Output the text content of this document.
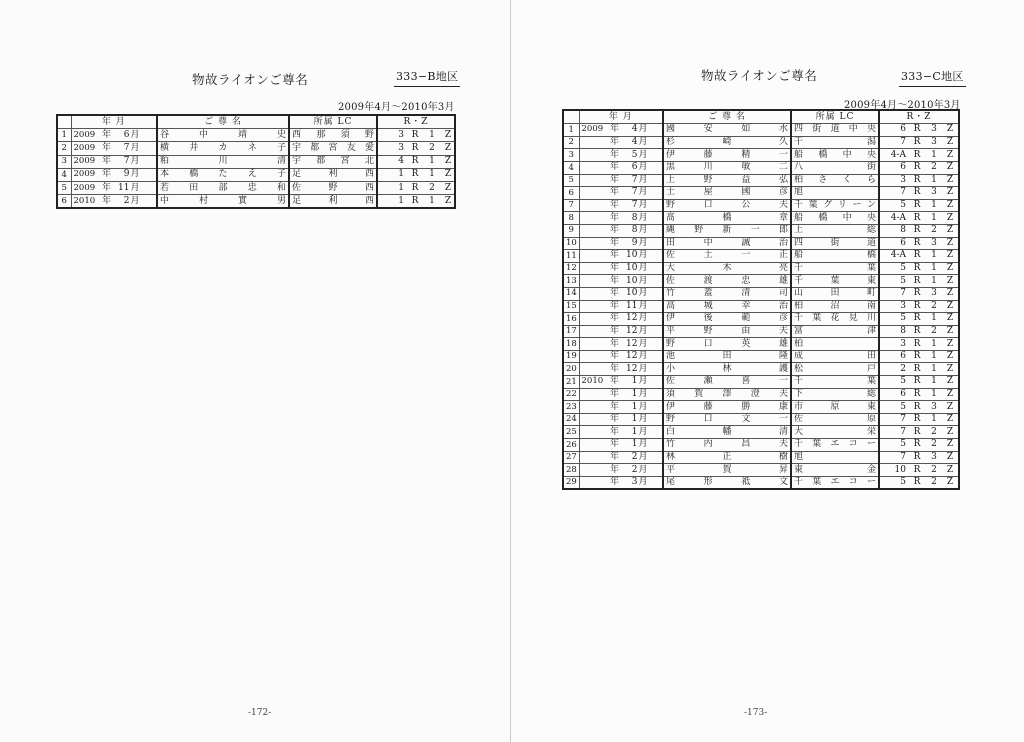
物故ライオンご尊名	333−B地区
2009年4月〜2010年3月
	年 月	ご 尊 名	所属 LC	R・Z
1	2009 年 6月	谷 中 靖 史	西 那 須 野	3 R 1 Z
2	2009 年 7月	横 井 カ ネ 子	宇都宮友愛	3 R 2 Z
3	2009 年 7月	粕 川 清	宇 都 宮 北	4 R 1 Z
4	2009 年 9月	本 橋 た え 子	足 利 西	1 R 1 Z
5	2009 年 11月	若 田 部 忠 和	佐 野 西	1 R 2 Z
6	2010 年 2月	中 村 實 男	足 利 西	1 R 1 Z
-172-
物故ライオンご尊名	333−C地区
2009年4月〜2010年3月
	年 月	ご 尊 名	所属 LC	R・Z
1	2009 年 4月	國 安 如 水	四 街 道 中 央	6 R 3 Z
2	年 4月	杉 崎 久	干 潟	7 R 3 Z
3	年 5月	伊 藤 精 一	船 橋 中 央	4-A R 1 Z
4	年 6月	黒 川 敏 二	八 街	6 R 2 Z
5	年 7月	上 野 益 弘	柏 さ く ら	3 R 1 Z
6	年 7月	土 屋 國 彦	旭	7 R 3 Z
7	年 7月	野 口 公 夫	千葉グリーン	5 R 1 Z
8	年 8月	髙 橋 章	船 橋 中 央	4-A R 1 Z
9	年 8月	縄 野 新 一 郎	上 総	8 R 2 Z
10	年 9月	田 中 誠 治	四 街 道	6 R 3 Z
11	年 10月	佐 土 一 正	船 橋	4-A R 1 Z
12	年 10月	大 木 亮	千 葉	5 R 1 Z
13	年 10月	佐 渡 忠 雄	千 葉 東	5 R 1 Z
14	年 10月	竹 蓋 清 司	山 田 町	7 R 3 Z
15	年 11月	高 城 幸 治	柏 沼 南	3 R 2 Z
16	年 12月	伊 後 範 彦	千 葉 花 見 川	5 R 1 Z
17	年 12月	平 野 由 夫	富 津	8 R 2 Z
18	年 12月	野 口 英 雄	柏	3 R 1 Z
19	年 12月	池 田 隆	成 田	6 R 1 Z
20	年 12月	小 林 護	松 戸	2 R 1 Z
21	2010 年 1月	佐 瀬 喜 一	千 葉	5 R 1 Z
22	年 1月	須 賀 澤 澄 夫	下 総	6 R 1 Z
23	年 1月	伊 藤 勝 康	市 原 東	5 R 3 Z
24	年 1月	野 口 文 一	佐 原	7 R 1 Z
25	年 1月	白 幡 清	大 栄	7 R 2 Z
26	年 1月	竹 内 昌 夫	千 葉 エ コ ー	5 R 2 Z
27	年 2月	林 正 樹	旭	7 R 3 Z
28	年 2月	平 賀 昇	東 金	10 R 2 Z
29	年 3月	尾 形 祗 文	千 葉 エ コ ー	5 R 2 Z
-173-
